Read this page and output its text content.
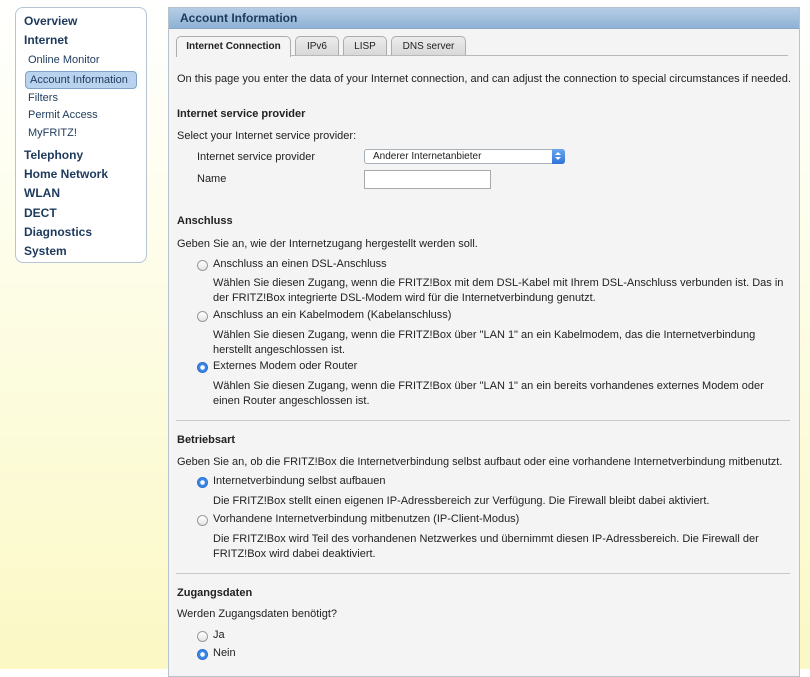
Overview
Internet
Online Monitor
Account Information
Filters
Permit Access
MyFRITZ!
Telephony
Home Network
WLAN
DECT
Diagnostics
System
Account Information
Internet Connection	IPv6	LISP	DNS server
On this page you enter the data of your Internet connection, and can adjust the connection to special circumstances if needed.
Internet service provider
Select your Internet service provider:
Internet service provider	Anderer Internetanbieter
Name
Anschluss
Geben Sie an, wie der Internetzugang hergestellt werden soll.
Anschluss an einen DSL-Anschluss
Wählen Sie diesen Zugang, wenn die FRITZ!Box mit dem DSL-Kabel mit Ihrem DSL-Anschluss verbunden ist. Das in der FRITZ!Box integrierte DSL-Modem wird für die Internetverbindung genutzt.
Anschluss an ein Kabelmodem (Kabelanschluss)
Wählen Sie diesen Zugang, wenn die FRITZ!Box über "LAN 1" an ein Kabelmodem, das die Internetverbindung herstellt angeschlossen ist.
Externes Modem oder Router
Wählen Sie diesen Zugang, wenn die FRITZ!Box über "LAN 1" an ein bereits vorhandenes externes Modem oder einen Router angeschlossen ist.
Betriebsart
Geben Sie an, ob die FRITZ!Box die Internetverbindung selbst aufbaut oder eine vorhandene Internetverbindung mitbenutzt.
Internetverbindung selbst aufbauen
Die FRITZ!Box stellt einen eigenen IP-Adressbereich zur Verfügung. Die Firewall bleibt dabei aktiviert.
Vorhandene Internetverbindung mitbenutzen (IP-Client-Modus)
Die FRITZ!Box wird Teil des vorhandenen Netzwerkes und übernimmt diesen IP-Adressbereich. Die Firewall der FRITZ!Box wird dabei deaktiviert.
Zugangsdaten
Werden Zugangsdaten benötigt?
Ja
Nein
